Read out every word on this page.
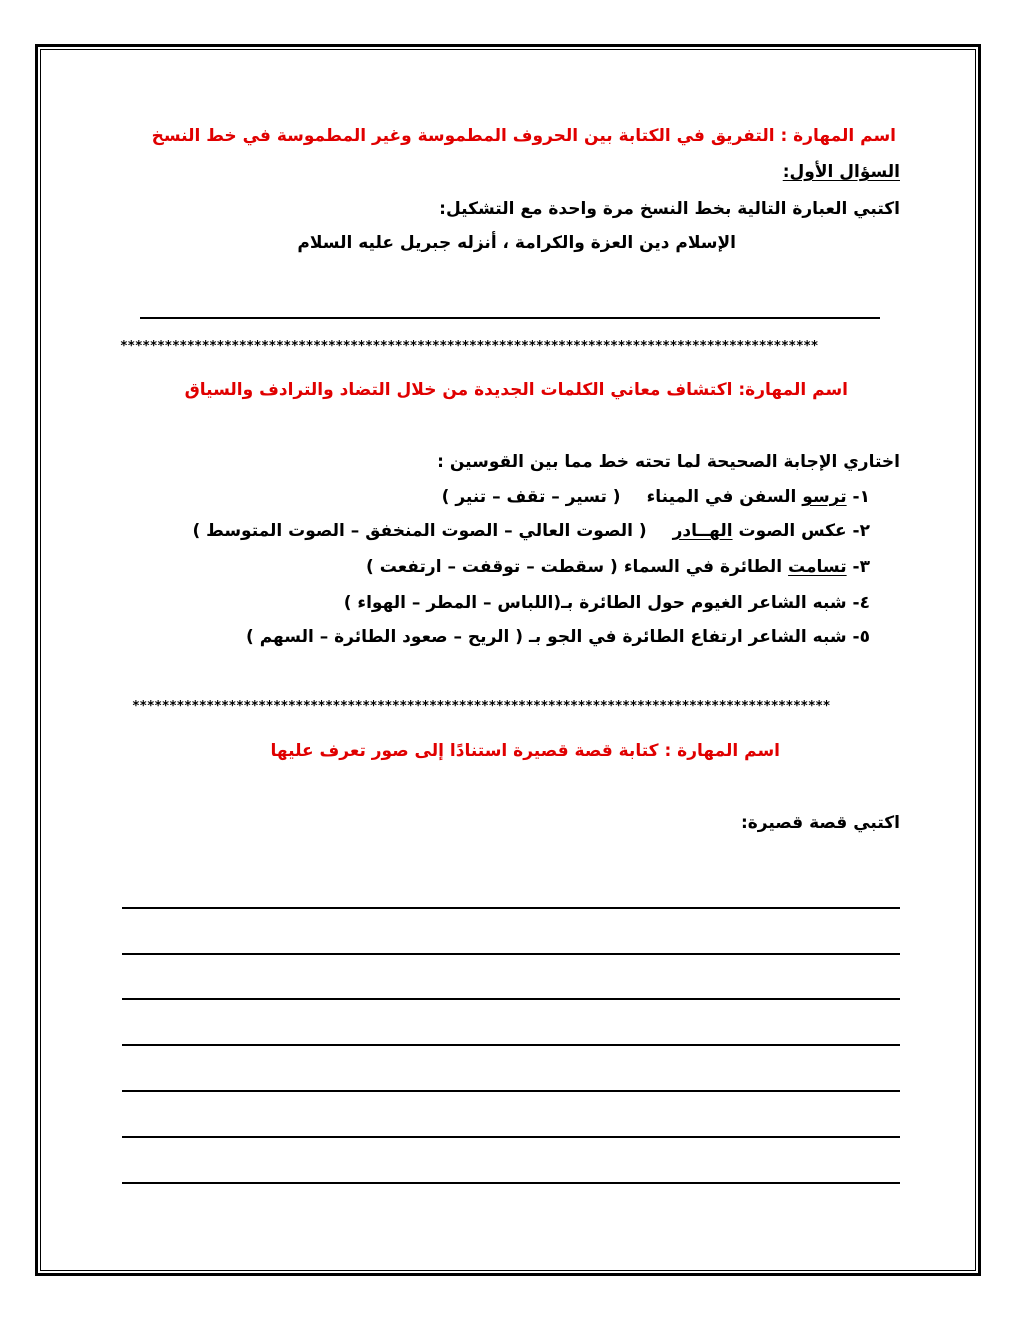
اسم المهارة : التفريق في الكتابة بين الحروف المطموسة وغير المطموسة في خط النسخ

السؤال الأول:

اكتبي العبارة التالية بخط النسخ مرة واحدة مع التشكيل:

الإسلام دين العزة والكرامة ، أنزله جبريل عليه السلام

**********************************************************************************************

اسم المهارة: اكتشاف معاني الكلمات الجديدة من خلال التضاد والترادف والسياق

اختاري الإجابة الصحيحة لما تحته خط مما بين القوسين :

١- ترسو السفن في الميناء( تسير – تقف – تنير )

٢- عكس الصوت الهــادر( الصوت العالي – الصوت المنخفق – الصوت المتوسط )

٣- تسامت الطائرة في السماء( سقطت – توقفت – ارتفعت )

٤- شبه الشاعر الغيوم حول الطائرة بـ(اللباس – المطر – الهواء )

٥- شبه الشاعر ارتفاع الطائرة في الجو بـ( الريح – صعود الطائرة – السهم )

**********************************************************************************************

اسم المهارة : كتابة قصة قصيرة استنادًا إلى صور تعرف عليها

اكتبي قصة قصيرة:
